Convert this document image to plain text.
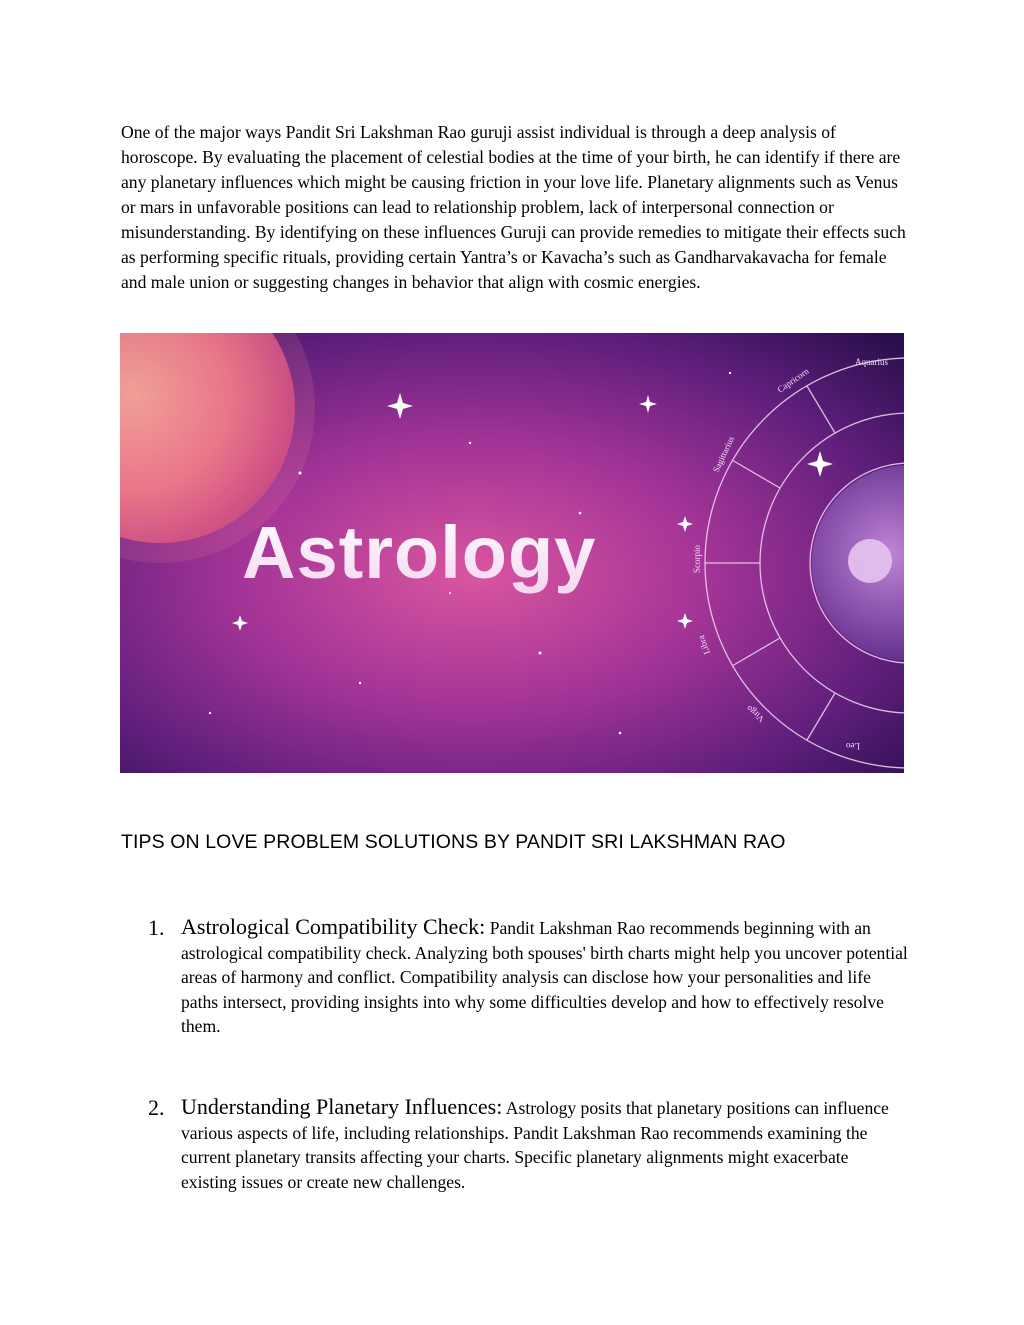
One of the major ways Pandit Sri Lakshman Rao guruji assist individual is through a deep analysis of horoscope. By evaluating the placement of celestial bodies at the time of your birth, he can identify if there are any planetary influences which might be causing friction in your love life. Planetary alignments such as Venus or mars in unfavorable positions can lead to relationship problem, lack of interpersonal connection or misunderstanding. By identifying on these influences Guruji can provide remedies to mitigate their effects such as performing specific rituals, providing certain Yantra’s or Kavacha’s such as Gandharvakavacha for female and male union or suggesting changes in behavior that align with cosmic energies.

Aquarius
Capricorn
Sagittarius
Scorpio
Libra
Virgo
Leo
Astrology
TIPS ON LOVE PROBLEM SOLUTIONS BY PANDIT SRI LAKSHMAN RAO
1. Astrological Compatibility Check: Pandit Lakshman Rao recommends beginning with an astrological compatibility check. Analyzing both spouses' birth charts might help you uncover potential areas of harmony and conflict. Compatibility analysis can disclose how your personalities and life paths intersect, providing insights into why some difficulties develop and how to effectively resolve them.
2. Understanding Planetary Influences: Astrology posits that planetary positions can influence various aspects of life, including relationships. Pandit Lakshman Rao recommends examining the current planetary transits affecting your charts. Specific planetary alignments might exacerbate existing issues or create new challenges.
